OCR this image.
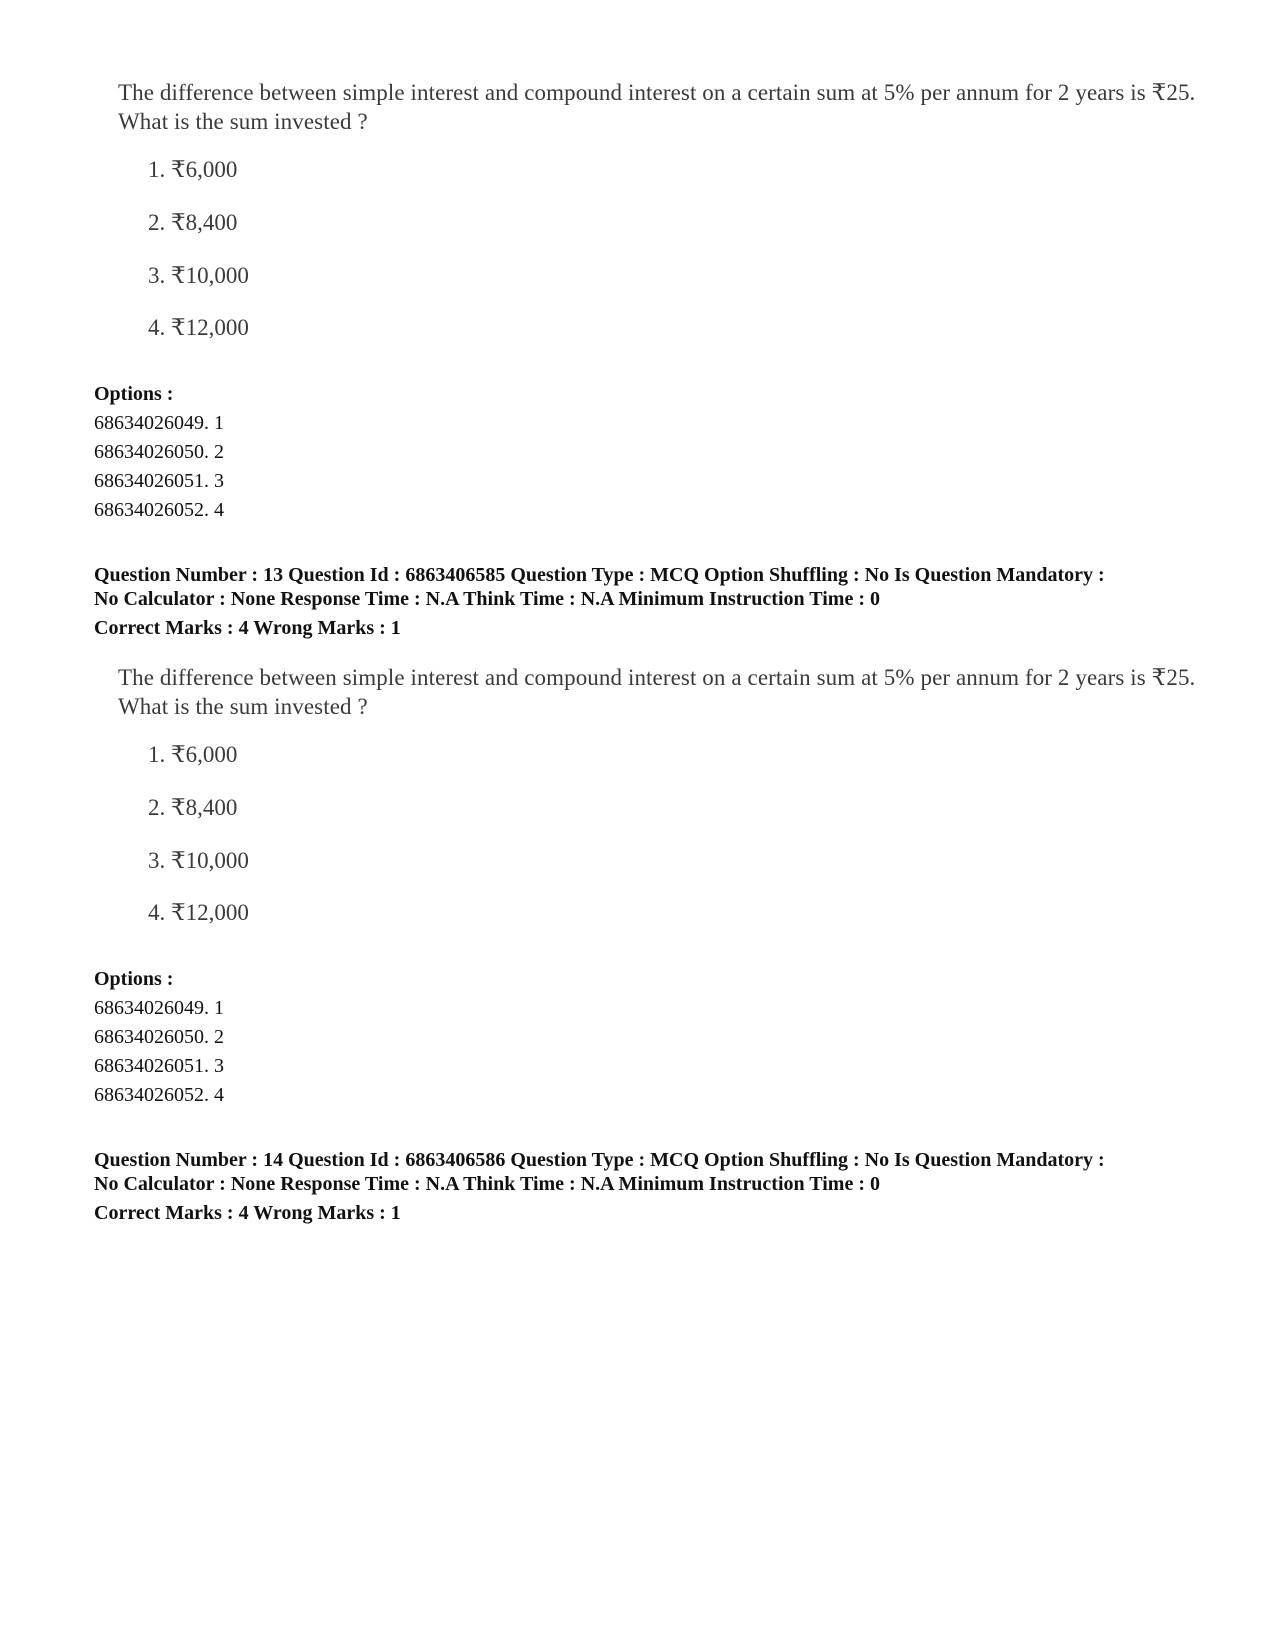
The difference between simple interest and compound interest on a certain sum at 5% per annum for 2 years is ₹25. What is the sum invested ?

1. ₹6,000
2. ₹8,400
3. ₹10,000
4. ₹12,000
Options :
68634026049. 1
68634026050. 2
68634026051. 3
68634026052. 4
Question Number : 13 Question Id : 6863406585 Question Type : MCQ Option Shuffling : No Is Question Mandatory :
No Calculator : None Response Time : N.A Think Time : N.A Minimum Instruction Time : 0
Correct Marks : 4 Wrong Marks : 1

The difference between simple interest and compound interest on a certain sum at 5% per annum for 2 years is ₹25. What is the sum invested ?

1. ₹6,000
2. ₹8,400
3. ₹10,000
4. ₹12,000
Options :
68634026049. 1
68634026050. 2
68634026051. 3
68634026052. 4
Question Number : 14 Question Id : 6863406586 Question Type : MCQ Option Shuffling : No Is Question Mandatory :
No Calculator : None Response Time : N.A Think Time : N.A Minimum Instruction Time : 0
Correct Marks : 4 Wrong Marks : 1
